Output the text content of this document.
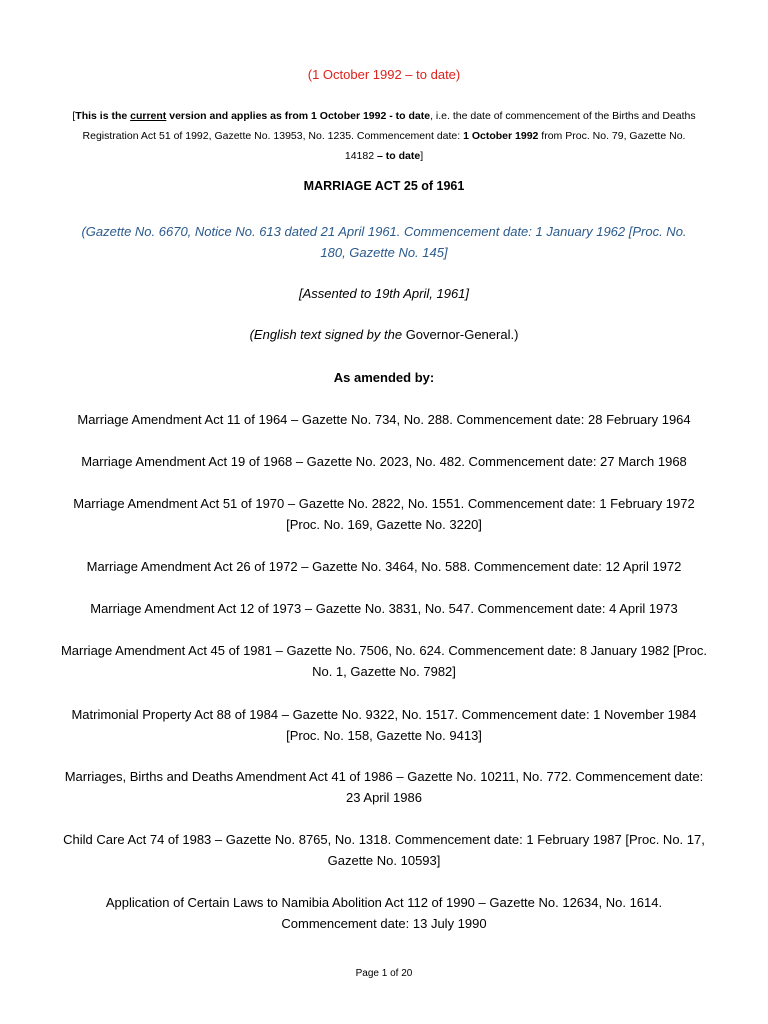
(1 October 1992 – to date)
[This is the current version and applies as from 1 October 1992 - to date, i.e. the date of commencement of the Births and Deaths Registration Act 51 of 1992, Gazette No. 13953, No. 1235. Commencement date: 1 October 1992 from Proc. No. 79, Gazette No. 14182 – to date]
MARRIAGE ACT 25 of 1961
(Gazette No. 6670, Notice No. 613 dated 21 April 1961. Commencement date: 1 January 1962 [Proc. No. 180, Gazette No. 145]
[Assented to 19th April, 1961]
(English text signed by the Governor-General.)
As amended by:
Marriage Amendment Act 11 of 1964 – Gazette No. 734, No. 288. Commencement date: 28 February 1964
Marriage Amendment Act 19 of 1968 – Gazette No. 2023, No. 482. Commencement date: 27 March 1968
Marriage Amendment Act 51 of 1970 – Gazette No. 2822, No. 1551. Commencement date: 1 February 1972 [Proc. No. 169, Gazette No. 3220]
Marriage Amendment Act 26 of 1972 – Gazette No. 3464, No. 588. Commencement date: 12 April 1972
Marriage Amendment Act 12 of 1973 – Gazette No. 3831, No. 547. Commencement date: 4 April 1973
Marriage Amendment Act 45 of 1981 – Gazette No. 7506, No. 624. Commencement date: 8 January 1982 [Proc. No. 1, Gazette No. 7982]
Matrimonial Property Act 88 of 1984 – Gazette No. 9322, No. 1517. Commencement date: 1 November 1984 [Proc. No. 158, Gazette No. 9413]
Marriages, Births and Deaths Amendment Act 41 of 1986 – Gazette No. 10211, No. 772. Commencement date: 23 April 1986
Child Care Act 74 of 1983 – Gazette No. 8765, No. 1318. Commencement date: 1 February 1987 [Proc. No. 17, Gazette No. 10593]
Application of Certain Laws to Namibia Abolition Act 112 of 1990 – Gazette No. 12634, No. 1614. Commencement date: 13 July 1990
Page 1 of 20
